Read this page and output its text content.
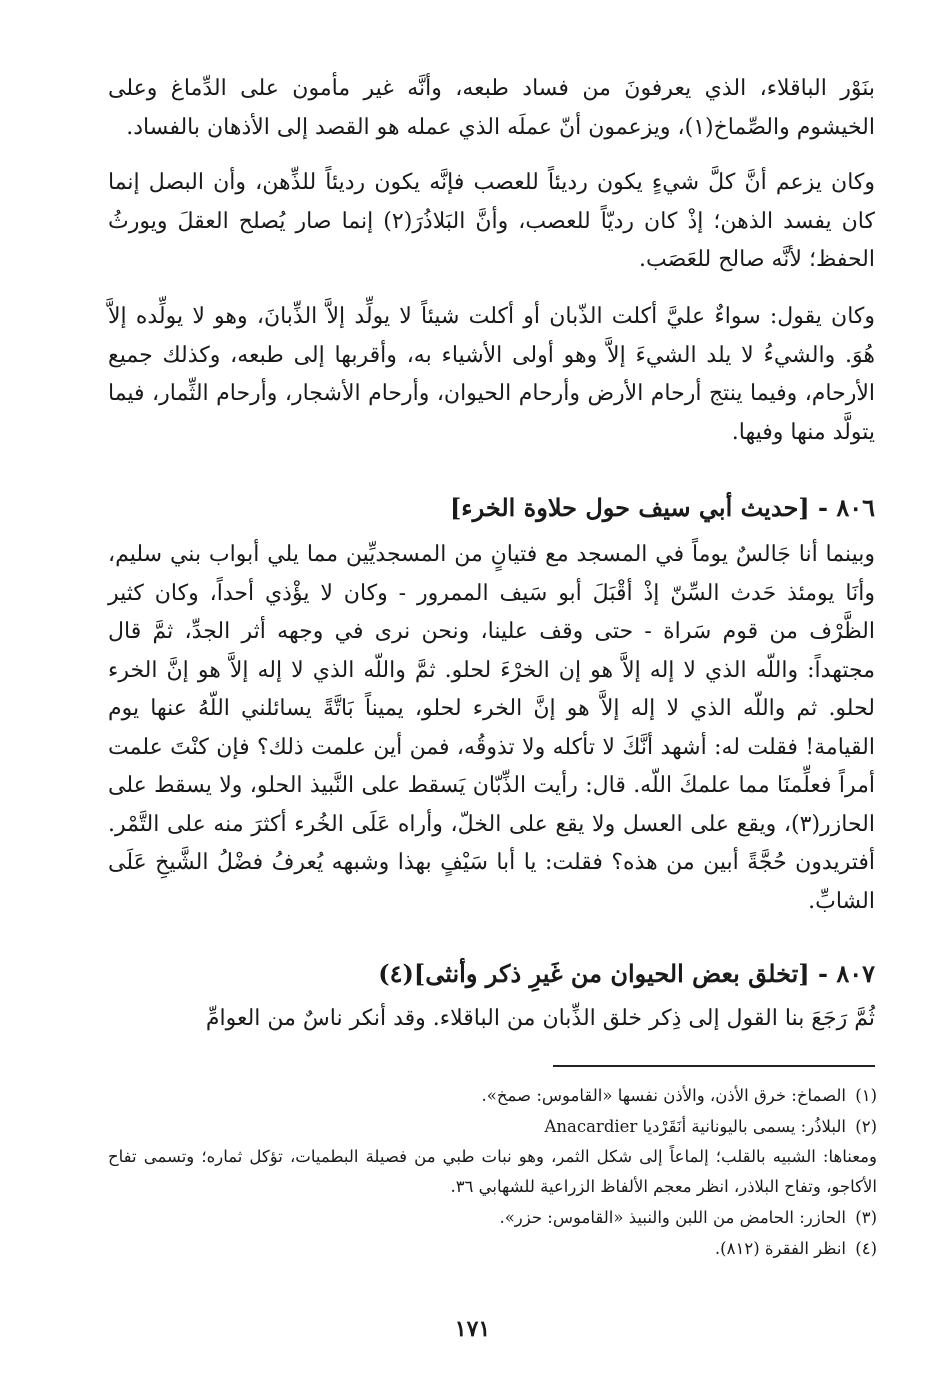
بنَوْر الباقلاء، الذي يعرفونَ من فساد طبعه، وأنَّه غير مأمون على الدِّماغ وعلى الخيشوم والصِّماخ(١)، ويزعمون أنّ عملَه الذي عمله هو القصد إلى الأذهان بالفساد.

وكان يزعم أنَّ كلَّ شيءٍ يكون رديئاً للعصب فإنَّه يكون رديئاً للذِّهن، وأن البصل إنما كان يفسد الذهن؛ إذْ كان رديّاً للعصب، وأنَّ البَلاذُرَ(٢) إنما صار يُصلح العقلَ ويورثُ الحفظ؛ لأنَّه صالح للعَصَب.

وكان يقول: سواءٌ عليَّ أكلت الذّبان أو أكلت شيئاً لا يولِّد إلاَّ الذِّبانَ، وهو لا يولِّده إلاَّ هُوَ. والشيءُ لا يلد الشيءَ إلاَّ وهو أولى الأشياء به، وأقربها إلى طبعه، وكذلك جميع الأرحام، وفيما ينتج أرحام الأرض وأرحام الحيوان، وأرحام الأشجار، وأرحام الثِّمار، فيما يتولَّد منها وفيها.

٨٠٦ - [حديث أبي سيف حول حلاوة الخرء]

وبينما أنا جَالسٌ يوماً في المسجد مع فتيانٍ من المسجديِّين مما يلي أبواب بني سليم، وأنَا يومئذ حَدث السِّنّ إذْ أقْبَلَ أبو سَيف الممرور - وكان لا يؤْذي أحداً، وكان كثير الظَّرْف من قوم سَراة - حتى وقف علينا، ونحن نرى في وجهه أثر الجدِّ، ثمَّ قال مجتهداً: واللّه الذي لا إله إلاَّ هو إن الخرْءَ لحلو. ثمَّ واللّه الذي لا إله إلاَّ هو إنَّ الخرء لحلو. ثم واللّه الذي لا إله إلاَّ هو إنَّ الخرء لحلو، يميناً بَاتَّةً يسائلني اللّهُ عنها يوم القيامة! فقلت له: أشهد أنَّكَ لا تأكله ولا تذوقُه، فمن أين علمت ذلك؟ فإن كنْتَ علمت أمراً فعلِّمنَا مما علمكَ اللّه. قال: رأيت الذِّبّان يَسقط على النَّبيذ الحلو، ولا يسقط على الحازر(٣)، ويقع على العسل ولا يقع على الخلّ، وأراه عَلَى الخُرء أكثرَ منه على التَّمْر. أفتريدون حُجَّةً أبين من هذه؟ فقلت: يا أبا سَيْفٍ بهذا وشبهه يُعرفُ فضْلُ الشَّيخِ عَلَى الشابِّ.

٨٠٧ - [تخلق بعض الحيوان من غَيرِ ذكر وأنثى](٤)

ثُمَّ رَجَعَ بنا القول إلى ذِكر خلق الذِّبان من الباقلاء. وقد أنكر ناسٌ من العوامِّ

(١) الصماخ: خرق الأذن، والأذن نفسها «القاموس: صمخ».

(٢) البلاذُر: يسمى باليونانية أنَقَرْديا Anacardier

ومعناها: الشبيه بالقلب؛ إلماعاً إلى شكل الثمر، وهو نبات طبي من فصيلة البطميات، تؤكل ثماره؛ وتسمى تفاح الأكاجو، وتفاح البلاذر، انظر معجم الألفاظ الزراعية للشهابي ٣٦.

(٣) الحازر: الحامض من اللبن والنبيذ «القاموس: حزر».

(٤) انظر الفقرة (٨١٢).

١٧١
